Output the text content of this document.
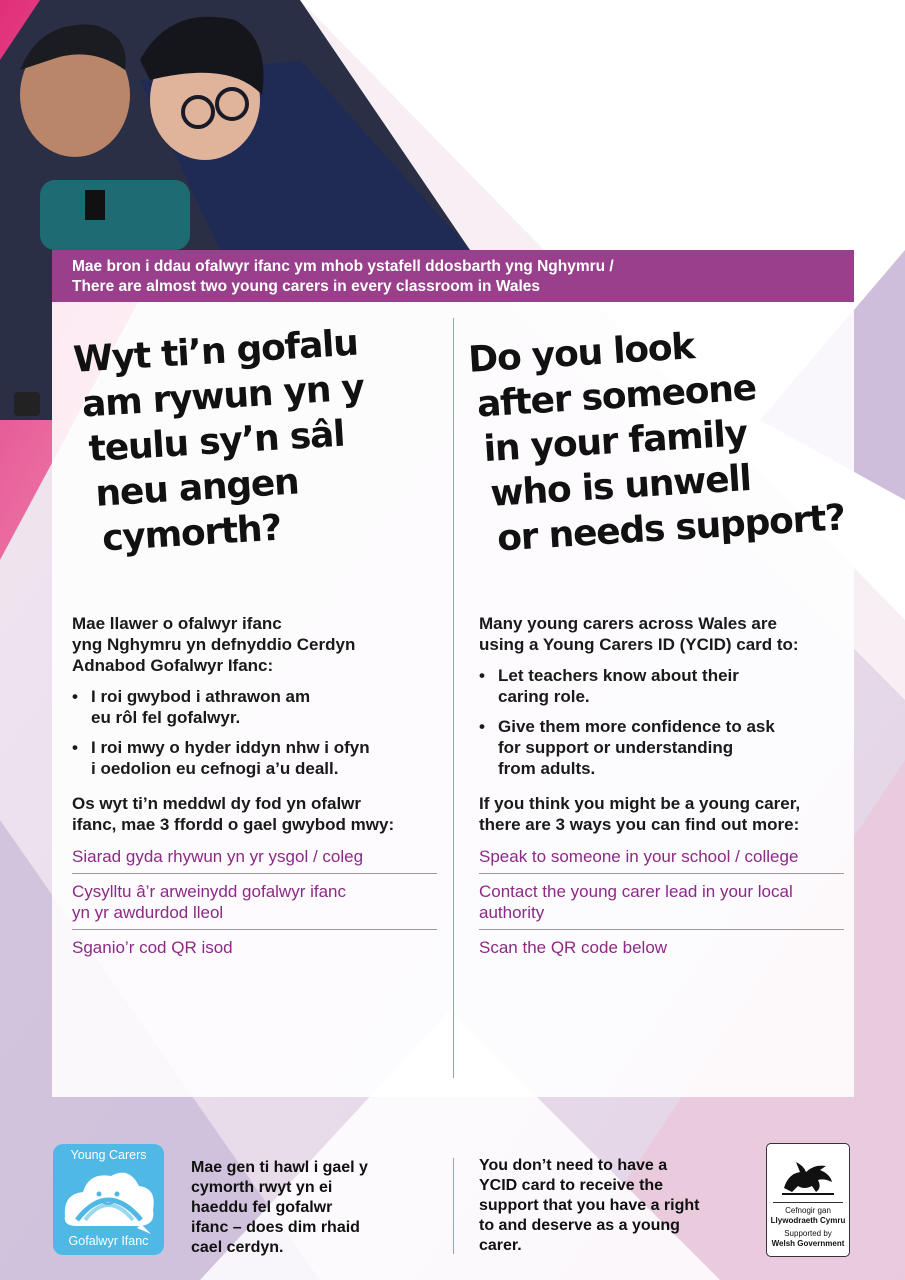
Mae bron i ddau ofalwyr ifanc ym mhob ystafell ddosbarth yng Nghymru /
There are almost two young carers in every classroom in Wales
Wyt ti’n gofalu
am rywun yn y
teulu sy’n sâl
neu angen
cymorth?

Mae llawer o ofalwyr ifanc
yng Nghymru yn defnyddio Cerdyn
Adnabod Gofalwyr Ifanc:

• I roi gwybod i athrawon am
eu rôl fel gofalwyr.
• I roi mwy o hyder iddyn nhw i ofyn
i oedolion eu cefnogi a’u deall.

Os wyt ti’n meddwl dy fod yn ofalwr
ifanc, mae 3 ffordd o gael gwybod mwy:

Siarad gyda rhywun yn yr ysgol / coleg
Cysylltu â’r arweinydd gofalwyr ifanc
yn yr awdurdod lleol
Sganio’r cod QR isod
Do you look
after someone
in your family
who is unwell
or needs support?

Many young carers across Wales are
using a Young Carers ID (YCID) card to:

• Let teachers know about their
caring role.
• Give them more confidence to ask
for support or understanding
from adults.

If you think you might be a young carer,
there are 3 ways you can find out more:

Speak to someone in your school / college
Contact the young carer lead in your local
authority
Scan the QR code below
Young Carers
Gofalwyr Ifanc
Mae gen ti hawl i gael y
cymorth rwyt yn ei
haeddu fel gofalwr
ifanc – does dim rhaid
cael cerdyn.
You don’t need to have a
YCID card to receive the
support that you have a right
to and deserve as a young
carer.
Cefnogir gan
Llywodraeth Cymru
Supported by
Welsh Government
